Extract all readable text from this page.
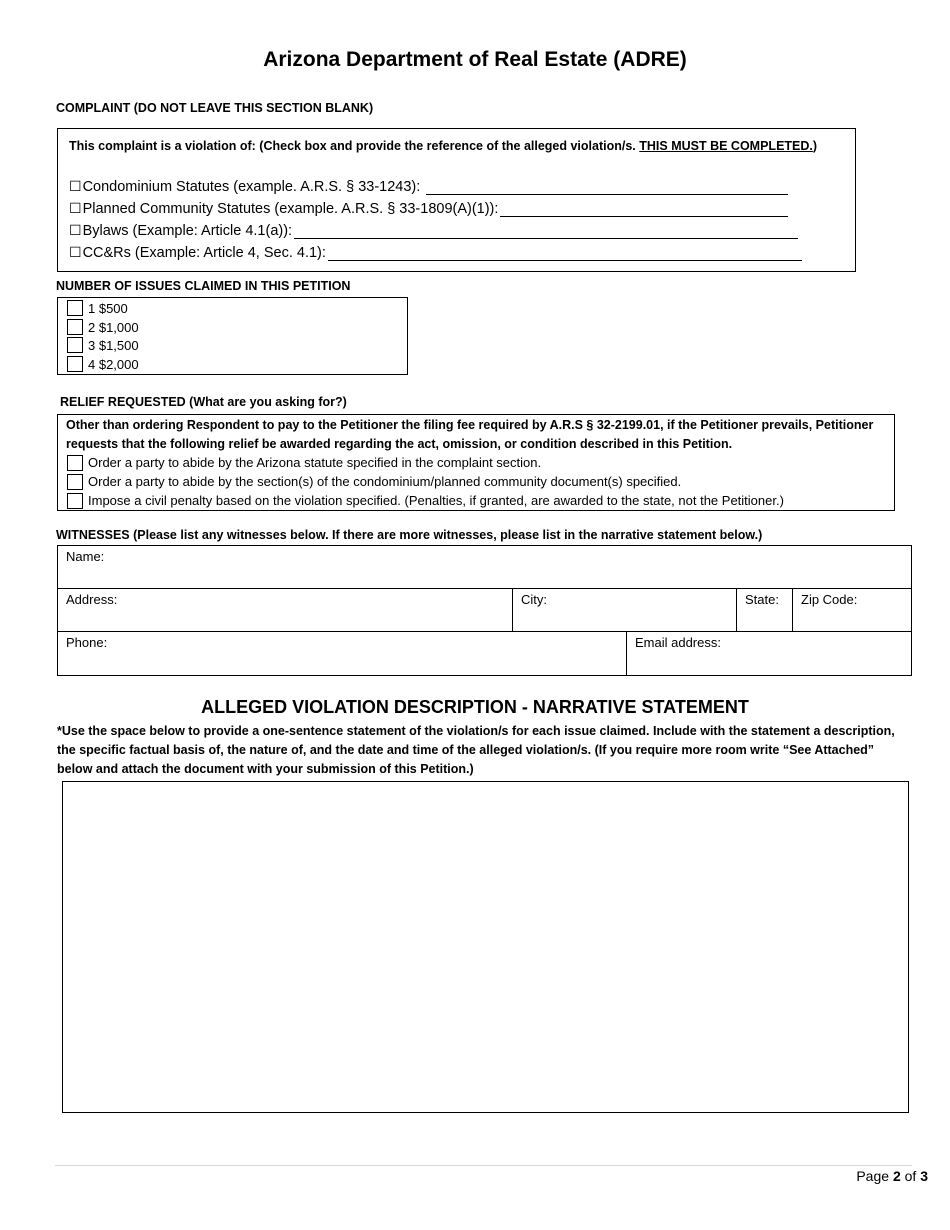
Arizona Department of Real Estate (ADRE)
COMPLAINT (DO NOT LEAVE THIS SECTION BLANK)
This complaint is a violation of: (Check box and provide the reference of the alleged violation/s. THIS MUST BE COMPLETED.)
☐ Condominium Statutes (example. A.R.S. § 33-1243):
☐ Planned Community Statutes (example. A.R.S. § 33-1809(A)(1)):
☐ Bylaws (Example: Article 4.1(a)):
☐ CC&Rs (Example: Article 4, Sec. 4.1):
NUMBER OF ISSUES CLAIMED IN THIS PETITION
1 $500
2 $1,000
3 $1,500
4 $2,000
RELIEF REQUESTED (What are you asking for?)
Other than ordering Respondent to pay to the Petitioner the filing fee required by A.R.S § 32-2199.01, if the Petitioner prevails, Petitioner requests that the following relief be awarded regarding the act, omission, or condition described in this Petition.
Order a party to abide by the Arizona statute specified in the complaint section.
Order a party to abide by the section(s) of the condominium/planned community document(s) specified.
Impose a civil penalty based on the violation specified. (Penalties, if granted, are awarded to the state, not the Petitioner.)
WITNESSES (Please list any witnesses below. If there are more witnesses, please list in the narrative statement below.)
Name:
Address:	City:	State:	Zip Code:
Phone:	Email address:
ALLEGED VIOLATION DESCRIPTION - NARRATIVE STATEMENT
*Use the space below to provide a one-sentence statement of the violation/s for each issue claimed. Include with the statement a description, the specific factual basis of, the nature of, and the date and time of the alleged violation/s. (If you require more room write “See Attached” below and attach the document with your submission of this Petition.)
Page 2 of 3
